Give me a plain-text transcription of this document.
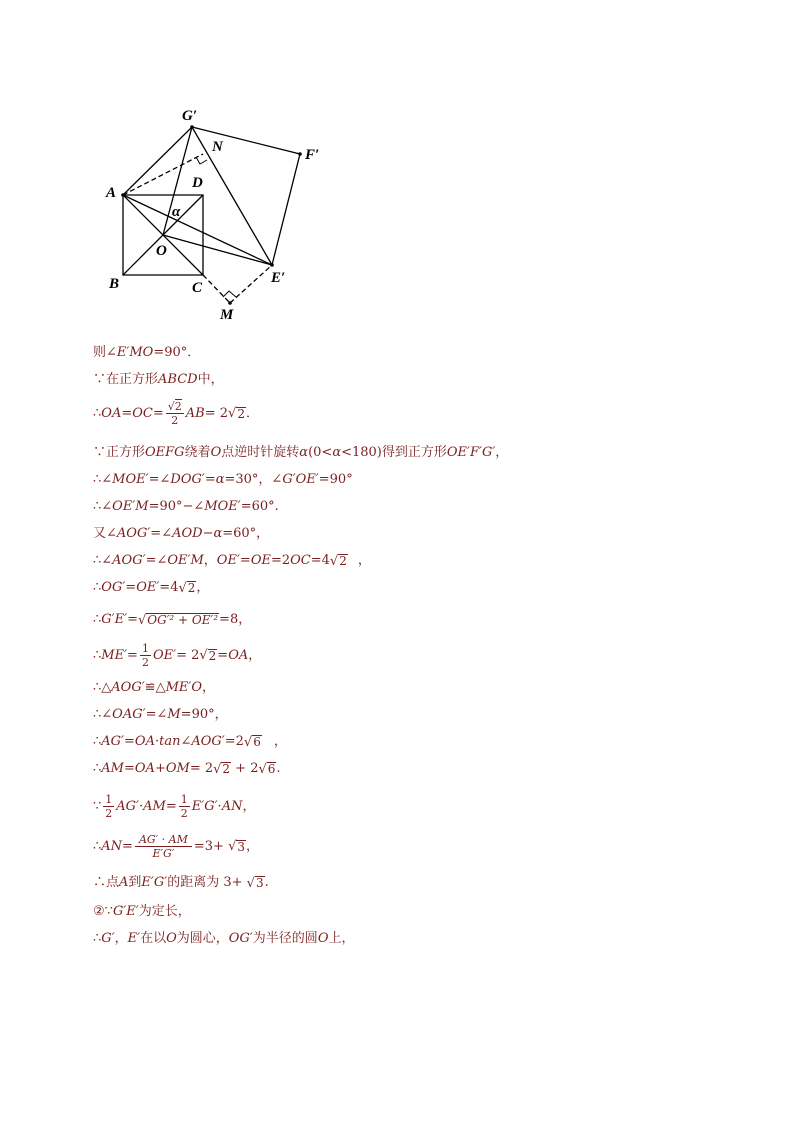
G′
N	F′
A
D
α
O
B	C
E′
M
则∠ E′MO =90°．
∵在正方形 ABCD 中，
∴ OA = OC = $\frac{√2}{2}$ AB = 2 √ 2 ．
∵正方形 OEFG 绕着 O 点逆时针旋转 α (0< α <180)得到正方形 OE′F′G′ ，
∴∠ MOE′ =∠ DOG′ = α =30°，∠ G′OE′ =90°
∴∠ OE′M =90°−∠ MOE′ =60°.
又∠ AOG′ =∠ AOD − α =60°，
∴∠ AOG′ =∠ OE′M ， OE′ = OE =2 OC =4 √ 2 ，
∴ OG′ = OE′ =4 √ 2 ，
∴ G′E′ = √ OG′² + OE′² =8，
∴ $ME' = \frac{1}{2} OE' = 2$ √ 2 = OA ，
∴△ AOG′ ≌△ ME′O ，
∴∠ OAG′ =∠ M =90°，
∴ AG′ = OA · tan∠AOG′ =2 √ 6 ，
∴ AM = OA + OM = 2 √ 2 + 2 √ 6 .
∵ $\frac{1}{2} AG'$ · AM = $\frac{1}{2} E'G'$ · AN ，
∴ AN = $\frac{AG' \cdot AM}{E'G'} =3+$ √ 3 ，
∴点 A 到 E′G′ 的距离为 3+ √ 3 .
②∵ G′E′ 为定长，
∴ G′ ， E′ 在以 O 为圆心， OG′ 为半径的圆 O 上，
